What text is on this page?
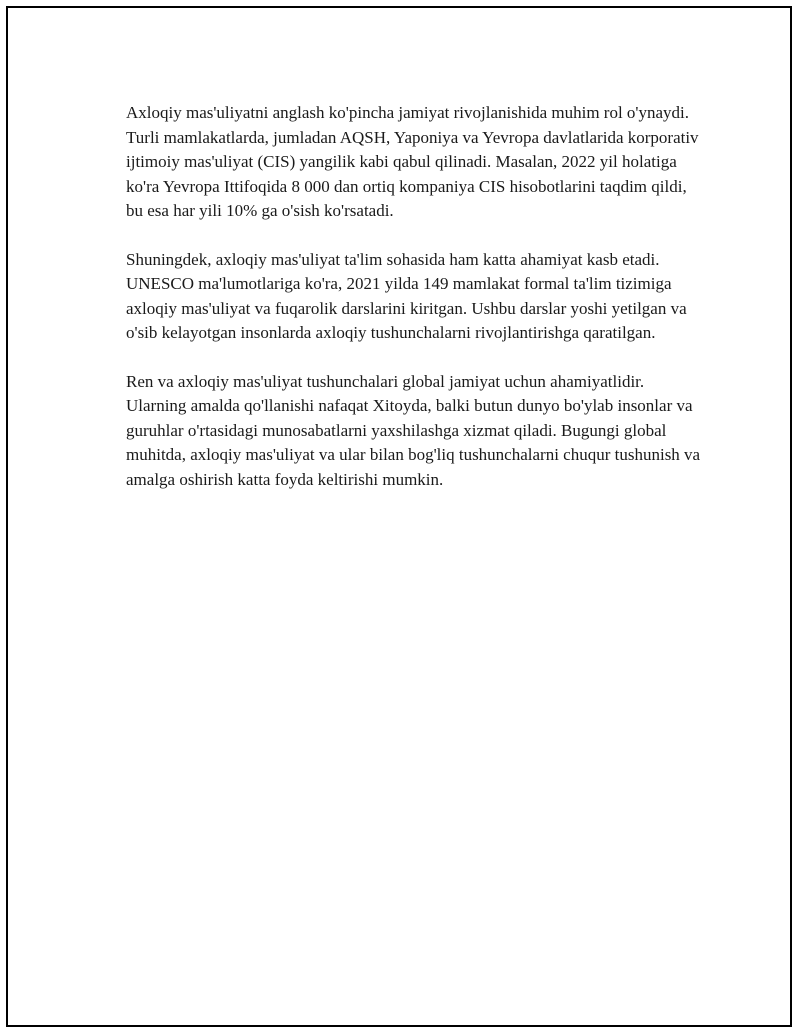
Axloqiy mas'uliyatni anglash ko'pincha jamiyat rivojlanishida muhim rol o'ynaydi. Turli mamlakatlarda, jumladan AQSH, Yaponiya va Yevropa davlatlarida korporativ ijtimoiy mas'uliyat (CIS) yangilik kabi qabul qilinadi. Masalan, 2022 yil holatiga ko'ra Yevropa Ittifoqida 8 000 dan ortiq kompaniya CIS hisobotlarini taqdim qildi, bu esa har yili 10% ga o'sish ko'rsatadi.

Shuningdek, axloqiy mas'uliyat ta'lim sohasida ham katta ahamiyat kasb etadi. UNESCO ma'lumotlariga ko'ra, 2021 yilda 149 mamlakat formal ta'lim tizimiga axloqiy mas'uliyat va fuqarolik darslarini kiritgan. Ushbu darslar yoshi yetilgan va o'sib kelayotgan insonlarda axloqiy tushunchalarni rivojlantirishga qaratilgan.

Ren va axloqiy mas'uliyat tushunchalari global jamiyat uchun ahamiyatlidir. Ularning amalda qo'llanishi nafaqat Xitoyda, balki butun dunyo bo'ylab insonlar va guruhlar o'rtasidagi munosabatlarni yaxshilashga xizmat qiladi. Bugungi global muhitda, axloqiy mas'uliyat va ular bilan bog'liq tushunchalarni chuqur tushunish va amalga oshirish katta foyda keltirishi mumkin.
